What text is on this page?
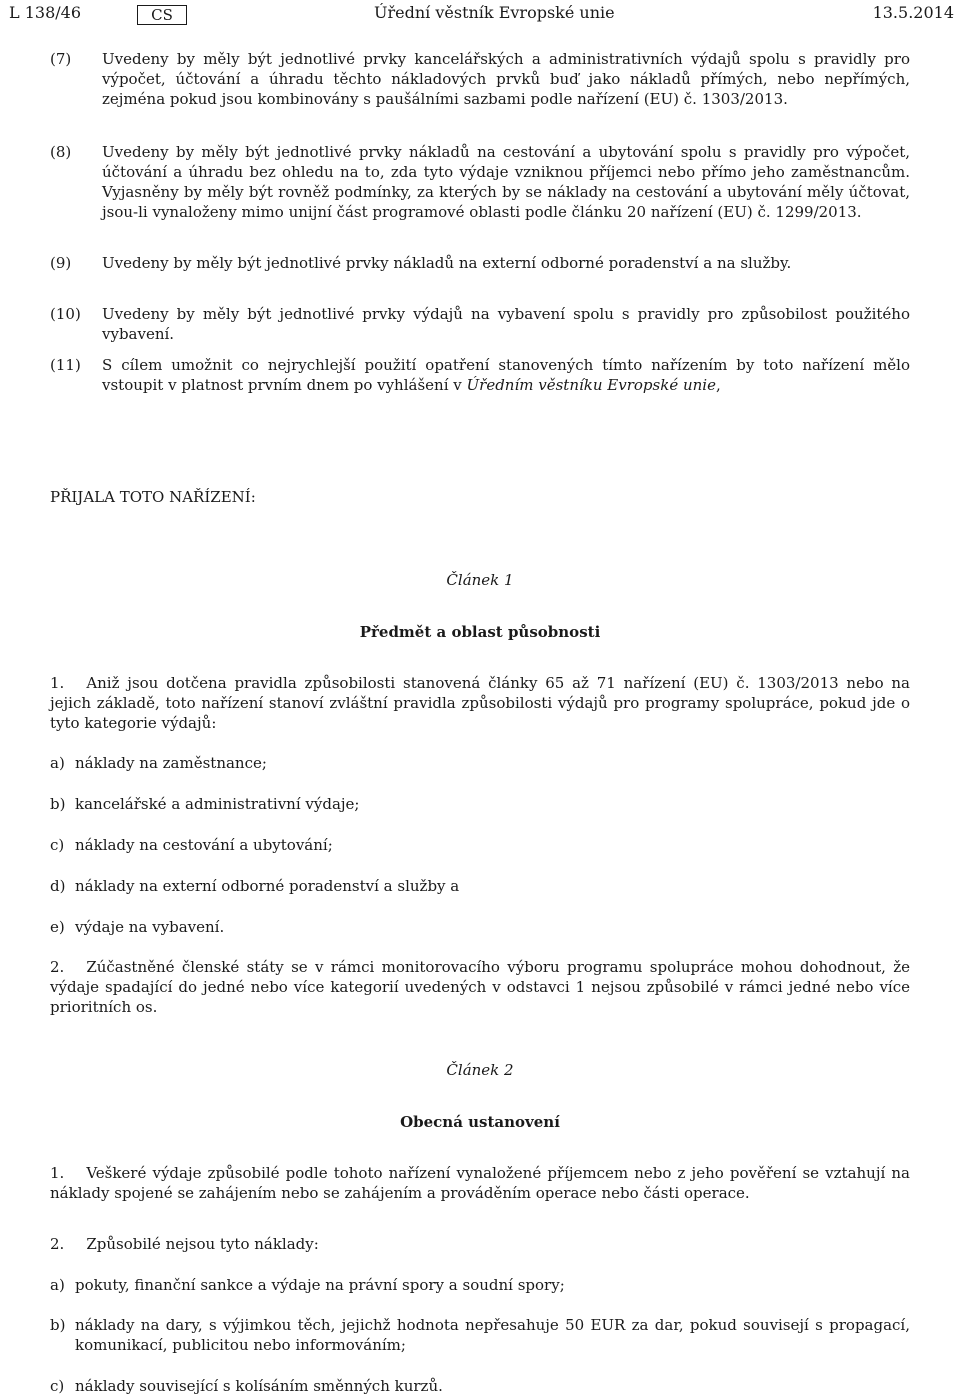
L 138/46	CS	Úřední věstník Evropské unie	13.5.2014
(7) Uvedeny by měly být jednotlivé prvky kancelářských a administrativních výdajů spolu s pravidly pro výpočet, účtování a úhradu těchto nákladových prvků buď jako nákladů přímých, nebo nepřímých, zejména pokud jsou kombinovány s paušálními sazbami podle nařízení (EU) č. 1303/2013.
(8) Uvedeny by měly být jednotlivé prvky nákladů na cestování a ubytování spolu s pravidly pro výpočet, účtování a úhradu bez ohledu na to, zda tyto výdaje vzniknou příjemci nebo přímo jeho zaměstnancům. Vyjasněny by měly být rovněž podmínky, za kterých by se náklady na cestování a ubytování měly účtovat, jsou-li vynaloženy mimo unijní část programové oblasti podle článku 20 nařízení (EU) č. 1299/2013.
(9) Uvedeny by měly být jednotlivé prvky nákladů na externí odborné poradenství a na služby.
(10) Uvedeny by měly být jednotlivé prvky výdajů na vybavení spolu s pravidly pro způsobilost použitého vybavení.
(11) S cílem umožnit co nejrychlejší použití opatření stanovených tímto nařízením by toto nařízení mělo vstoupit v platnost prvním dnem po vyhlášení v Úředním věstníku Evropské unie,
PŘIJALA TOTO NAŘÍZENÍ:
Článek 1
Předmět a oblast působnosti
1. Aniž jsou dotčena pravidla způsobilosti stanovená články 65 až 71 nařízení (EU) č. 1303/2013 nebo na jejich základě, toto nařízení stanoví zvláštní pravidla způsobilosti výdajů pro programy spolupráce, pokud jde o tyto kategorie výdajů:
a) náklady na zaměstnance;
b) kancelářské a administrativní výdaje;
c) náklady na cestování a ubytování;
d) náklady na externí odborné poradenství a služby a
e) výdaje na vybavení.
2. Zúčastněné členské státy se v rámci monitorovacího výboru programu spolupráce mohou dohodnout, že výdaje spadající do jedné nebo více kategorií uvedených v odstavci 1 nejsou způsobilé v rámci jedné nebo více prioritních os.
Článek 2
Obecná ustanovení
1. Veškeré výdaje způsobilé podle tohoto nařízení vynaložené příjemcem nebo z jeho pověření se vztahují na náklady spojené se zahájením nebo se zahájením a prováděním operace nebo části operace.
2. Způsobilé nejsou tyto náklady:
a) pokuty, finanční sankce a výdaje na právní spory a soudní spory;
b) náklady na dary, s výjimkou těch, jejichž hodnota nepřesahuje 50 EUR za dar, pokud souvisejí s propagací, komunikací, publicitou nebo informováním;
c) náklady související s kolísáním směnných kurzů.
